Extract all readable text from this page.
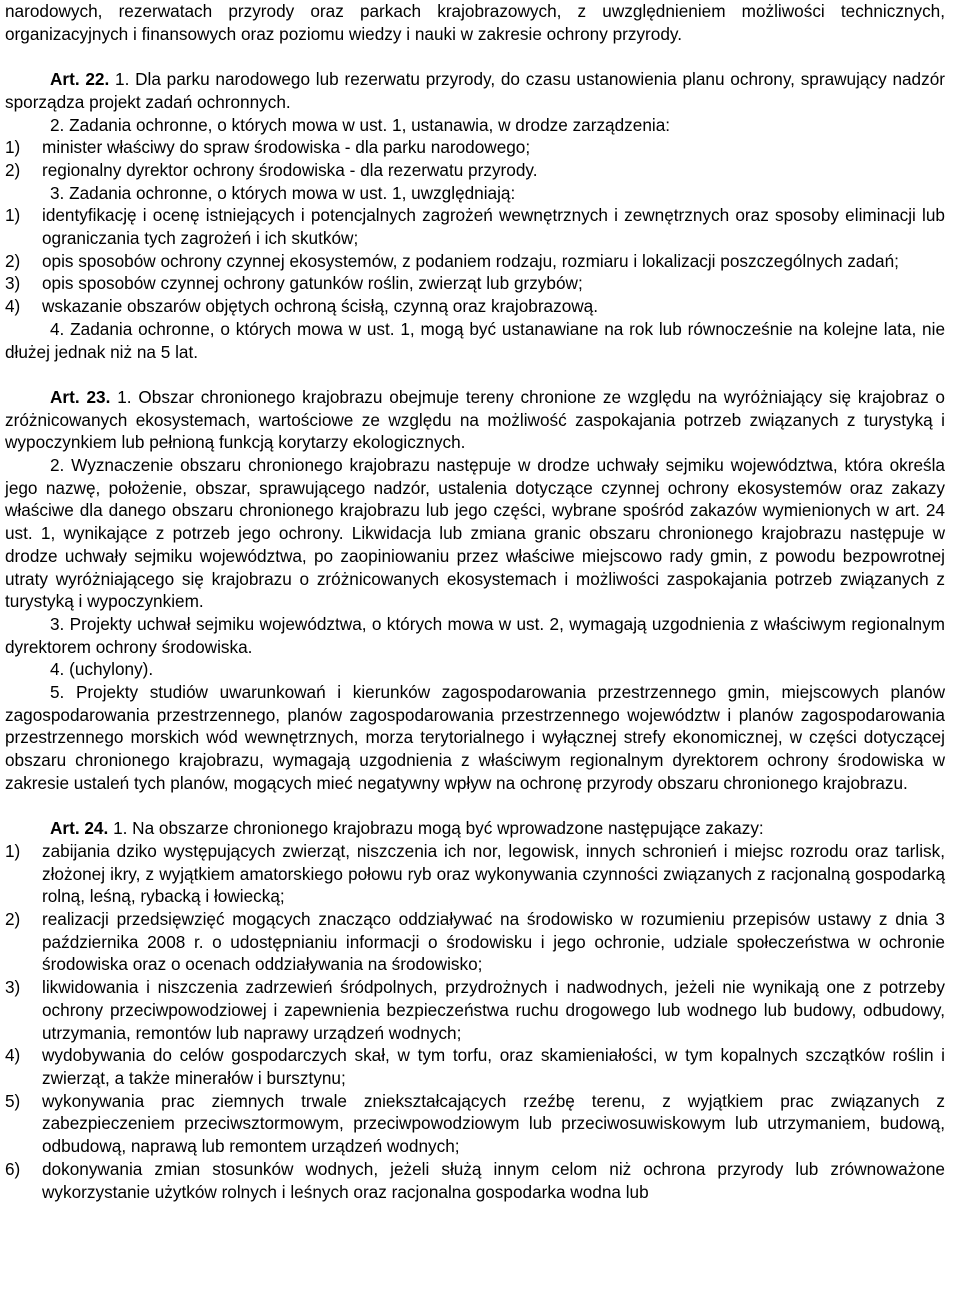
narodowych, rezerwatach przyrody oraz parkach krajobrazowych, z uwzględnieniem możliwości technicznych, organizacyjnych i finansowych oraz poziomu wiedzy i nauki w zakresie ochrony przyrody.

Art. 22. 1. Dla parku narodowego lub rezerwatu przyrody, do czasu ustanowienia planu ochrony, sprawujący nadzór sporządza projekt zadań ochronnych.

2. Zadania ochronne, o których mowa w ust. 1, ustanawia, w drodze zarządzenia:

1)	minister właściwy do spraw środowiska - dla parku narodowego;
2)	regionalny dyrektor ochrony środowiska - dla rezerwatu przyrody.

3. Zadania ochronne, o których mowa w ust. 1, uwzględniają:

1)	identyfikację i ocenę istniejących i potencjalnych zagrożeń wewnętrznych i zewnętrznych oraz sposoby eliminacji lub ograniczania tych zagrożeń i ich skutków;
2)	opis sposobów ochrony czynnej ekosystemów, z podaniem rodzaju, rozmiaru i lokalizacji poszczególnych zadań;
3)	opis sposobów czynnej ochrony gatunków roślin, zwierząt lub grzybów;
4)	wskazanie obszarów objętych ochroną ścisłą, czynną oraz krajobrazową.

4. Zadania ochronne, o których mowa w ust. 1, mogą być ustanawiane na rok lub równocześnie na kolejne lata, nie dłużej jednak niż na 5 lat.

Art. 23. 1. Obszar chronionego krajobrazu obejmuje tereny chronione ze względu na wyróżniający się krajobraz o zróżnicowanych ekosystemach, wartościowe ze względu na możliwość zaspokajania potrzeb związanych z turystyką i wypoczynkiem lub pełnioną funkcją korytarzy ekologicznych.

2. Wyznaczenie obszaru chronionego krajobrazu następuje w drodze uchwały sejmiku województwa, która określa jego nazwę, położenie, obszar, sprawującego nadzór, ustalenia dotyczące czynnej ochrony ekosystemów oraz zakazy właściwe dla danego obszaru chronionego krajobrazu lub jego części, wybrane spośród zakazów wymienionych w art. 24 ust. 1, wynikające z potrzeb jego ochrony. Likwidacja lub zmiana granic obszaru chronionego krajobrazu następuje w drodze uchwały sejmiku województwa, po zaopiniowaniu przez właściwe miejscowo rady gmin, z powodu bezpowrotnej utraty wyróżniającego się krajobrazu o zróżnicowanych ekosystemach i możliwości zaspokajania potrzeb związanych z turystyką i wypoczynkiem.

3. Projekty uchwał sejmiku województwa, o których mowa w ust. 2, wymagają uzgodnienia z właściwym regionalnym dyrektorem ochrony środowiska.

4. (uchylony).

5. Projekty studiów uwarunkowań i kierunków zagospodarowania przestrzennego gmin, miejscowych planów zagospodarowania przestrzennego, planów zagospodarowania przestrzennego województw i planów zagospodarowania przestrzennego morskich wód wewnętrznych, morza terytorialnego i wyłącznej strefy ekonomicznej, w części dotyczącej obszaru chronionego krajobrazu, wymagają uzgodnienia z właściwym regionalnym dyrektorem ochrony środowiska w zakresie ustaleń tych planów, mogących mieć negatywny wpływ na ochronę przyrody obszaru chronionego krajobrazu.

Art. 24. 1. Na obszarze chronionego krajobrazu mogą być wprowadzone następujące zakazy:

1)	zabijania dziko występujących zwierząt, niszczenia ich nor, legowisk, innych schronień i miejsc rozrodu oraz tarlisk, złożonej ikry, z wyjątkiem amatorskiego połowu ryb oraz wykonywania czynności związanych z racjonalną gospodarką rolną, leśną, rybacką i łowiecką;
2)	realizacji przedsięwzięć mogących znacząco oddziaływać na środowisko w rozumieniu przepisów ustawy z dnia 3 października 2008 r. o udostępnianiu informacji o środowisku i jego ochronie, udziale społeczeństwa w ochronie środowiska oraz o ocenach oddziaływania na środowisko;
3)	likwidowania i niszczenia zadrzewień śródpolnych, przydrożnych i nadwodnych, jeżeli nie wynikają one z potrzeby ochrony przeciwpowodziowej i zapewnienia bezpieczeństwa ruchu drogowego lub wodnego lub budowy, odbudowy, utrzymania, remontów lub naprawy urządzeń wodnych;
4)	wydobywania do celów gospodarczych skał, w tym torfu, oraz skamieniałości, w tym kopalnych szczątków roślin i zwierząt, a także minerałów i bursztynu;
5)	wykonywania prac ziemnych trwale zniekształcających rzeźbę terenu, z wyjątkiem prac związanych z zabezpieczeniem przeciwsztormowym, przeciwpowodziowym lub przeciwosuwiskowym lub utrzymaniem, budową, odbudową, naprawą lub remontem urządzeń wodnych;
6)	dokonywania zmian stosunków wodnych, jeżeli służą innym celom niż ochrona przyrody lub zrównoważone wykorzystanie użytków rolnych i leśnych oraz racjonalna gospodarka wodna lub
